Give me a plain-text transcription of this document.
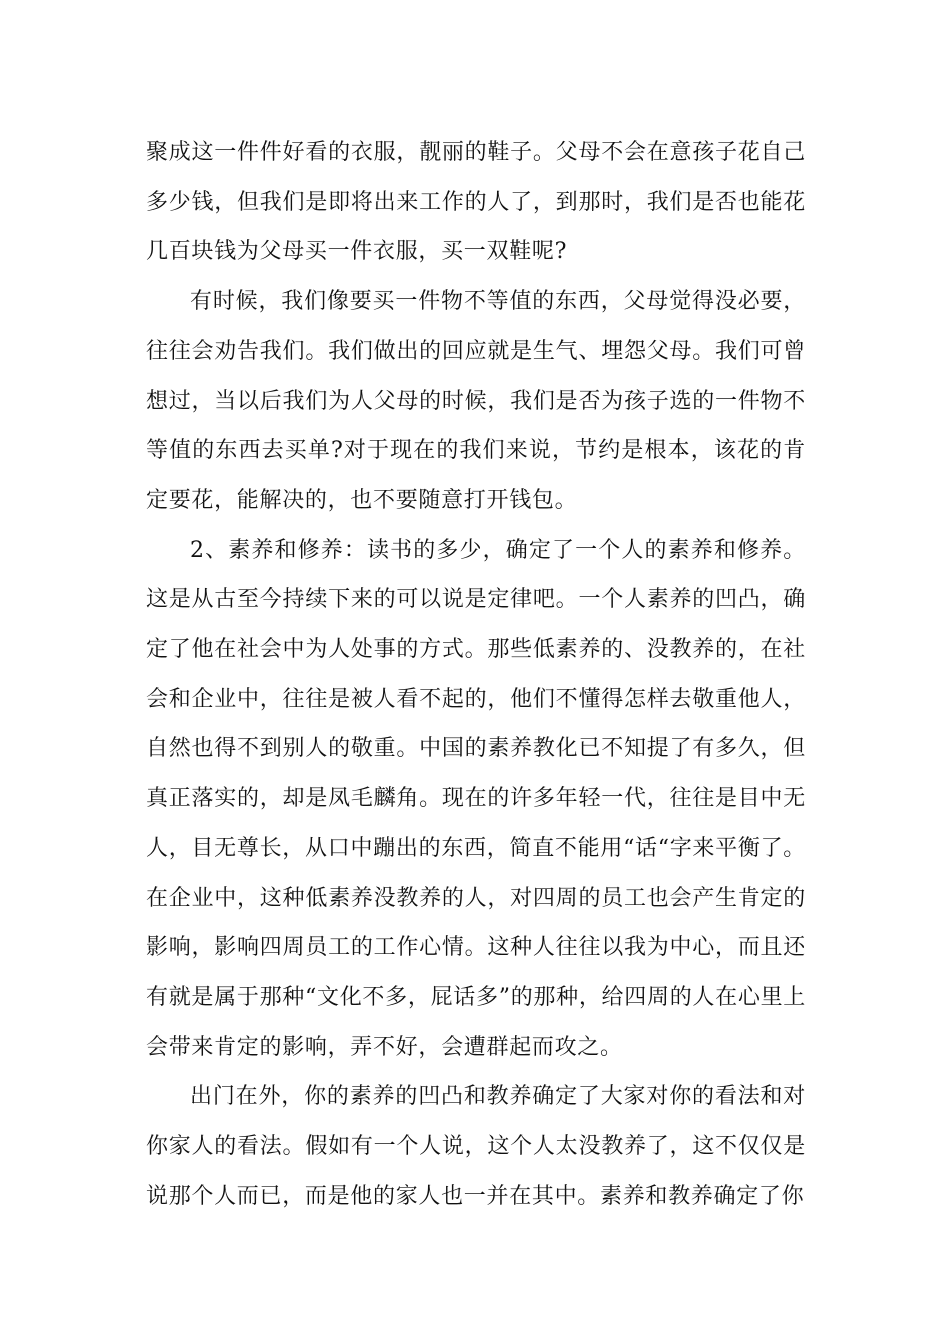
聚成这一件件好看的衣服，靓丽的鞋子。父母不会在意孩子花自己多少钱，但我们是即将出来工作的人了，到那时，我们是否也能花几百块钱为父母买一件衣服，买一双鞋呢?

有时候，我们像要买一件物不等值的东西，父母觉得没必要，往往会劝告我们。我们做出的回应就是生气、埋怨父母。我们可曾想过，当以后我们为人父母的时候，我们是否为孩子选的一件物不等值的东西去买单?对于现在的我们来说，节约是根本，该花的肯定要花，能解决的，也不要随意打开钱包。

2、素养和修养：读书的多少，确定了一个人的素养和修养。这是从古至今持续下来的可以说是定律吧。一个人素养的凹凸，确定了他在社会中为人处事的方式。那些低素养的、没教养的，在社会和企业中，往往是被人看不起的，他们不懂得怎样去敬重他人，自然也得不到别人的敬重。中国的素养教化已不知提了有多久，但真正落实的，却是凤毛麟角。现在的许多年轻一代，往往是目中无人，目无尊长，从口中蹦出的东西，简直不能用“话“字来平衡了。在企业中，这种低素养没教养的人，对四周的员工也会产生肯定的影响，影响四周员工的工作心情。这种人往往以我为中心，而且还有就是属于那种“文化不多，屁话多”的那种，给四周的人在心里上会带来肯定的影响，弄不好，会遭群起而攻之。

出门在外，你的素养的凹凸和教养确定了大家对你的看法和对你家人的看法。假如有一个人说，这个人太没教养了，这不仅仅是说那个人而已，而是他的家人也一并在其中。素养和教养确定了你
